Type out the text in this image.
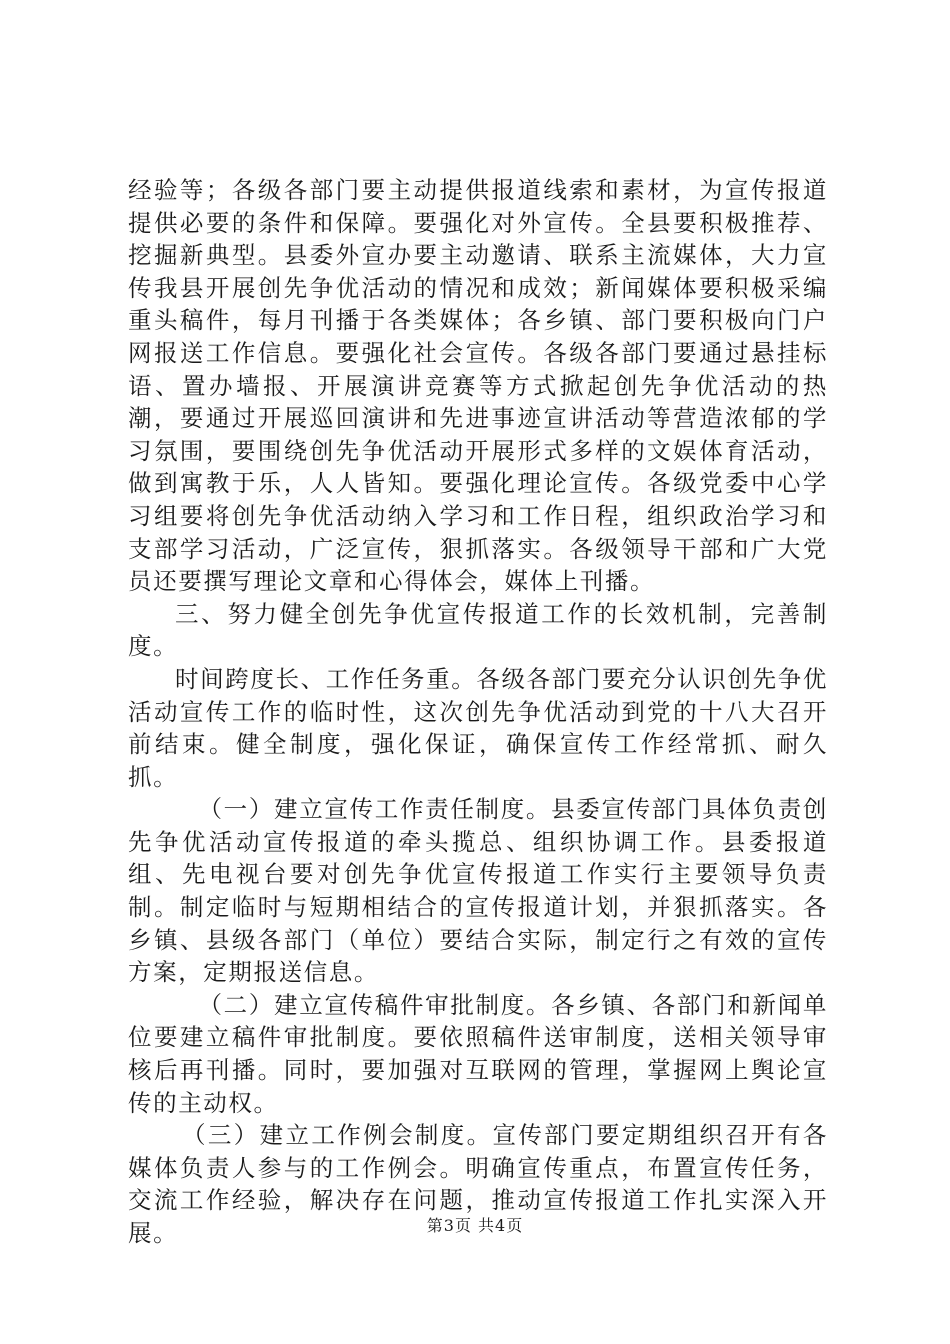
经验等；各级各部门要主动提供报道线索和素材，为宣传报道提供必要的条件和保障。要强化对外宣传。全县要积极推荐、挖掘新典型。县委外宣办要主动邀请、联系主流媒体，大力宣传我县开展创先争优活动的情况和成效；新闻媒体要积极采编重头稿件，每月刊播于各类媒体；各乡镇、部门要积极向门户网报送工作信息。要强化社会宣传。各级各部门要通过悬挂标语、置办墙报、开展演讲竞赛等方式掀起创先争优活动的热潮，要通过开展巡回演讲和先进事迹宣讲活动等营造浓郁的学习氛围，要围绕创先争优活动开展形式多样的文娱体育活动，做到寓教于乐，人人皆知。要强化理论宣传。各级党委中心学习组要将创先争优活动纳入学习和工作日程，组织政治学习和支部学习活动，广泛宣传，狠抓落实。各级领导干部和广大党员还要撰写理论文章和心得体会，媒体上刊播。

三、努力健全创先争优宣传报道工作的长效机制，完善制度。

时间跨度长、工作任务重。各级各部门要充分认识创先争优活动宣传工作的临时性，这次创先争优活动到党的十八大召开前结束。健全制度，强化保证，确保宣传工作经常抓、耐久抓。

（一）建立宣传工作责任制度。县委宣传部门具体负责创先争优活动宣传报道的牵头揽总、组织协调工作。县委报道组、先电视台要对创先争优宣传报道工作实行主要领导负责制。制定临时与短期相结合的宣传报道计划，并狠抓落实。各乡镇、县级各部门（单位）要结合实际，制定行之有效的宣传方案，定期报送信息。

（二）建立宣传稿件审批制度。各乡镇、各部门和新闻单位要建立稿件审批制度。要依照稿件送审制度，送相关领导审核后再刊播。同时，要加强对互联网的管理，掌握网上舆论宣传的主动权。

（三）建立工作例会制度。宣传部门要定期组织召开有各媒体负责人参与的工作例会。明确宣传重点，布置宣传任务，交流工作经验，解决存在问题，推动宣传报道工作扎实深入开展。	第3页 共4页
